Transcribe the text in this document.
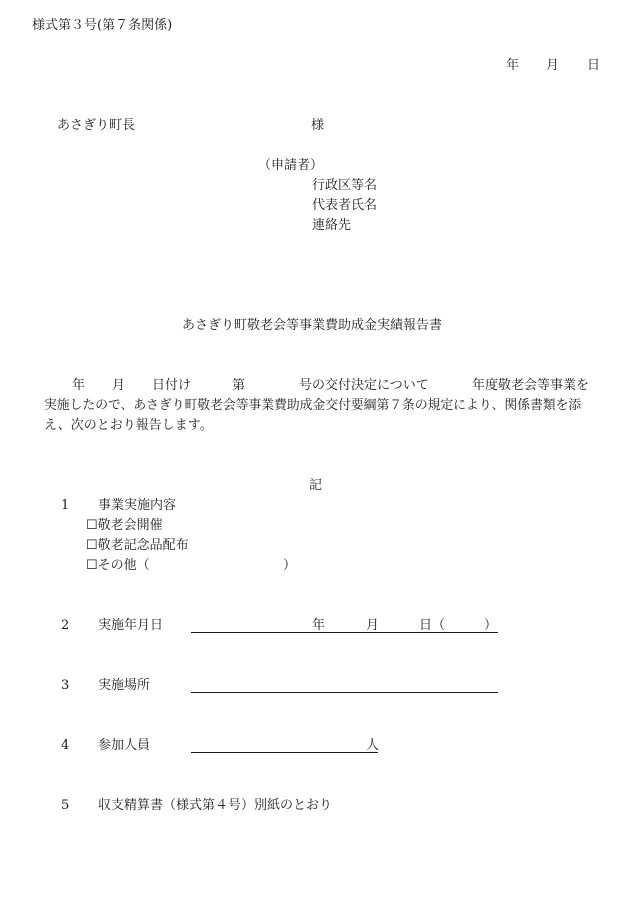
様式第３号(第７条関係)
年 月 日
あさぎり町長	様
（申請者）
行政区等名
代表者氏名
連絡先
あさぎり町敬老会等事業費助成金実績報告書
年 月 日付け	第	号の交付決定について	年度敬老会等事業を
実施したので、あさぎり町敬老会等事業費助成金交付要綱第７条の規定により、関係書類を添
え、次のとおり報告します。
記
1 事業実施内容
☐敬老会開催
☐敬老記念品配布
☐その他（	）
2 実施年月日	年	月	日（	）
3 実施場所
4 参加人員	人
5 収支精算書（様式第４号）別紙のとおり
